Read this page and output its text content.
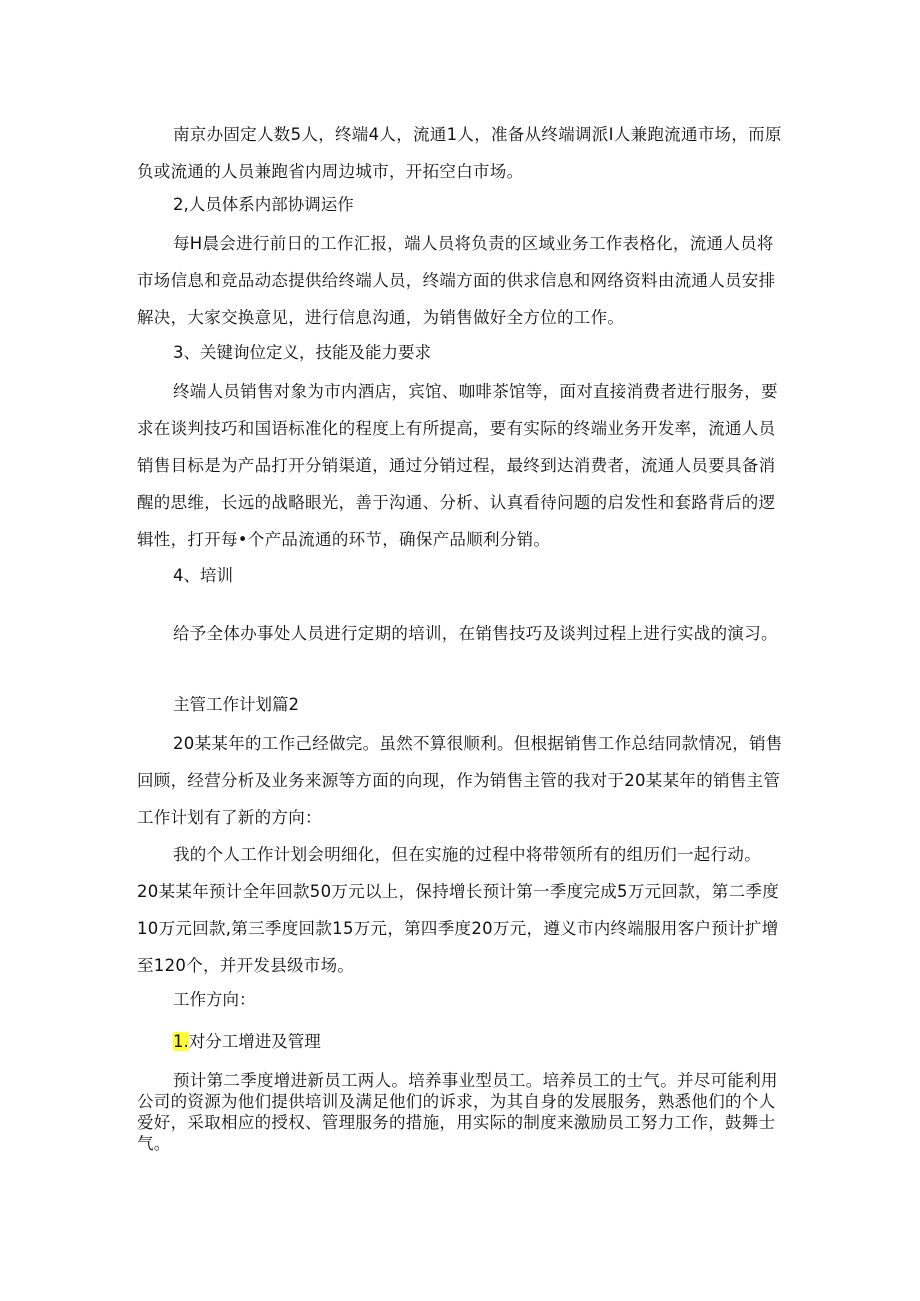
南京办固定人数5人，终端4人，流通1人，准备从终端调派I人兼跑流通市场，而原负或流通的人员兼跑省内周边城市，开拓空白市场。

2,人员体系内部协调运作

每H晨会进行前日的工作汇报，端人员将负责的区域业务工作表格化，流通人员将市场信息和竞品动态提供给终端人员，终端方面的供求信息和网络资料由流通人员安排解决，大家交换意见，进行信息沟通，为销售做好全方位的工作。

3、关键询位定义，技能及能力要求

终端人员销售对象为市内酒店，宾馆、咖啡茶馆等，面对直接消费者进行服务，要求在谈判技巧和国语标准化的程度上有所提高，要有实际的终端业务开发率，流通人员销售目标是为产品打开分销渠道，通过分销过程，最终到达消费者，流通人员要具备消醒的思维，长远的战略眼光，善于沟通、分析、认真看待问题的启发性和套路背后的逻辑性，打开每•个产品流通的环节，确保产品顺利分销。

4、培训

给予全体办事处人员进行定期的培训，在销售技巧及谈判过程上进行实战的演习。

主管工作计划篇2

20某某年的工作己经做完。虽然不算很顺利。但根据销售工作总结同款情况，销售回顾，经营分析及业务来源等方面的向现，作为销售主管的我对于20某某年的销售主管工作计划有了新的方向：

我的个人工作计划会明细化，但在实施的过程中将带领所有的组历们一起行动。

20某某年预计全年回款50万元以上，保持增长预计第一季度完成5万元回款，第二季度10万元回款,第三季度回款15万元，第四季度20万元，遵义市内终端服用客户预计扩增至120个，并开发县级市场。

工作方向：

1.对分工增进及管理

预计第二季度增进新员工两人。培养事业型员工。培养员工的士气。并尽可能利用公司的资源为他们提供培训及满足他们的诉求，为其自身的发展服务，熟悉他们的个人爱好，采取相应的授权、管理服务的措施，用实际的制度来激励员工努力工作，鼓舞士气。
